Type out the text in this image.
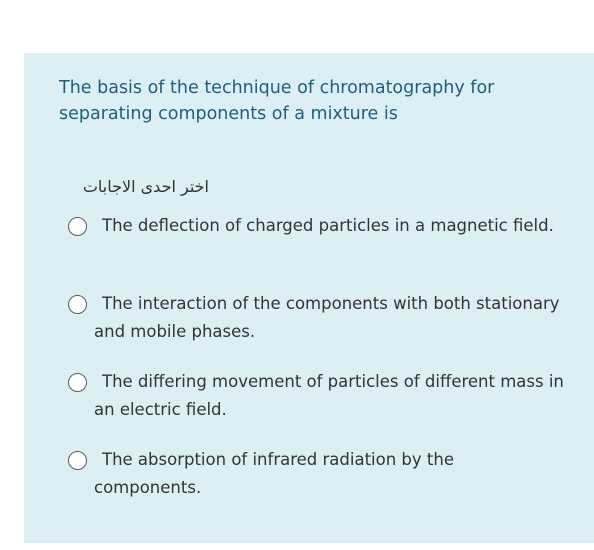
The basis of the technique of chromatography for separating components of a mixture is

اختر احدى الاجابات

The deflection of charged particles in a magnetic field.
The interaction of the components with both stationary and mobile phases.
The differing movement of particles of different mass in an electric field.
The absorption of infrared radiation by the components.
